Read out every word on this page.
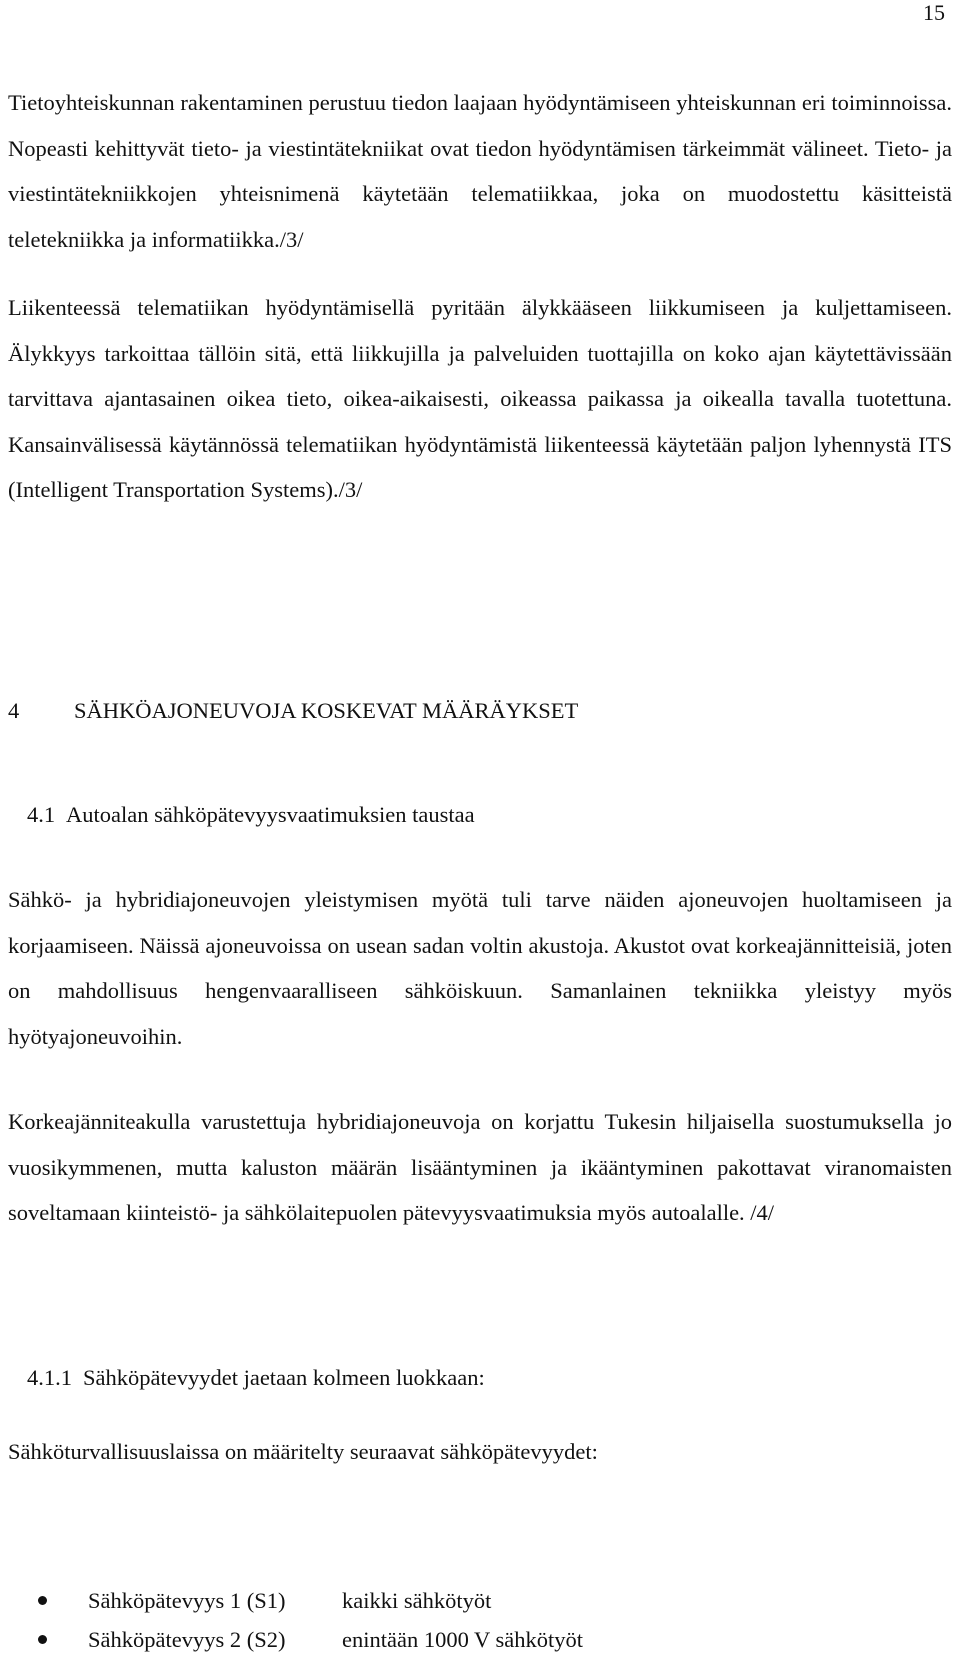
15

Tietoyhteiskunnan rakentaminen perustuu tiedon laajaan hyödyntämiseen yhteiskunnan eri toiminnoissa. Nopeasti kehittyvät tieto- ja viestintätekniikat ovat tiedon hyödyntämisen tärkeimmät välineet. Tieto- ja viestintätekniikkojen yhteisnimenä käytetään telematiikkaa, joka on muodostettu käsitteistä teletekniikka ja informatiikka./3/

Liikenteessä telematiikan hyödyntämisellä pyritään älykkääseen liikkumiseen ja kuljettamiseen. Älykkyys tarkoittaa tällöin sitä, että liikkujilla ja palveluiden tuottajilla on koko ajan käytettävissään tarvittava ajantasainen oikea tieto, oikea-aikaisesti, oikeassa paikassa ja oikealla tavalla tuotettuna. Kansainvälisessä käytännössä telematiikan hyödyntämistä liikenteessä käytetään paljon lyhennystä ITS (Intelligent Transportation Systems)./3/

4 SÄHKÖAJONEUVOJA KOSKEVAT MÄÄRÄYKSET
4.1 Autoalan sähköpätevyysvaatimuksien taustaa

Sähkö- ja hybridiajoneuvojen yleistymisen myötä tuli tarve näiden ajoneuvojen huoltamiseen ja korjaamiseen. Näissä ajoneuvoissa on usean sadan voltin akustoja. Akustot ovat korkeajännitteisiä, joten on mahdollisuus hengenvaaralliseen sähköiskuun. Samanlainen tekniikka yleistyy myös hyötyajoneuvoihin.

Korkeajänniteakulla varustettuja hybridiajoneuvoja on korjattu Tukesin hiljaisella suostumuksella jo vuosikymmenen, mutta kaluston määrän lisääntyminen ja ikääntyminen pakottavat viranomaisten soveltamaan kiinteistö- ja sähkölaitepuolen pätevyysvaatimuksia myös autoalalle. /4/

4.1.1 Sähköpätevyydet jaetaan kolmeen luokkaan:

Sähköturvallisuuslaissa on määritelty seuraavat sähköpätevyydet:

Sähköpätevyys 1 (S1)	kaikki sähkötyöt
Sähköpätevyys 2 (S2)	enintään 1000 V sähkötyöt
